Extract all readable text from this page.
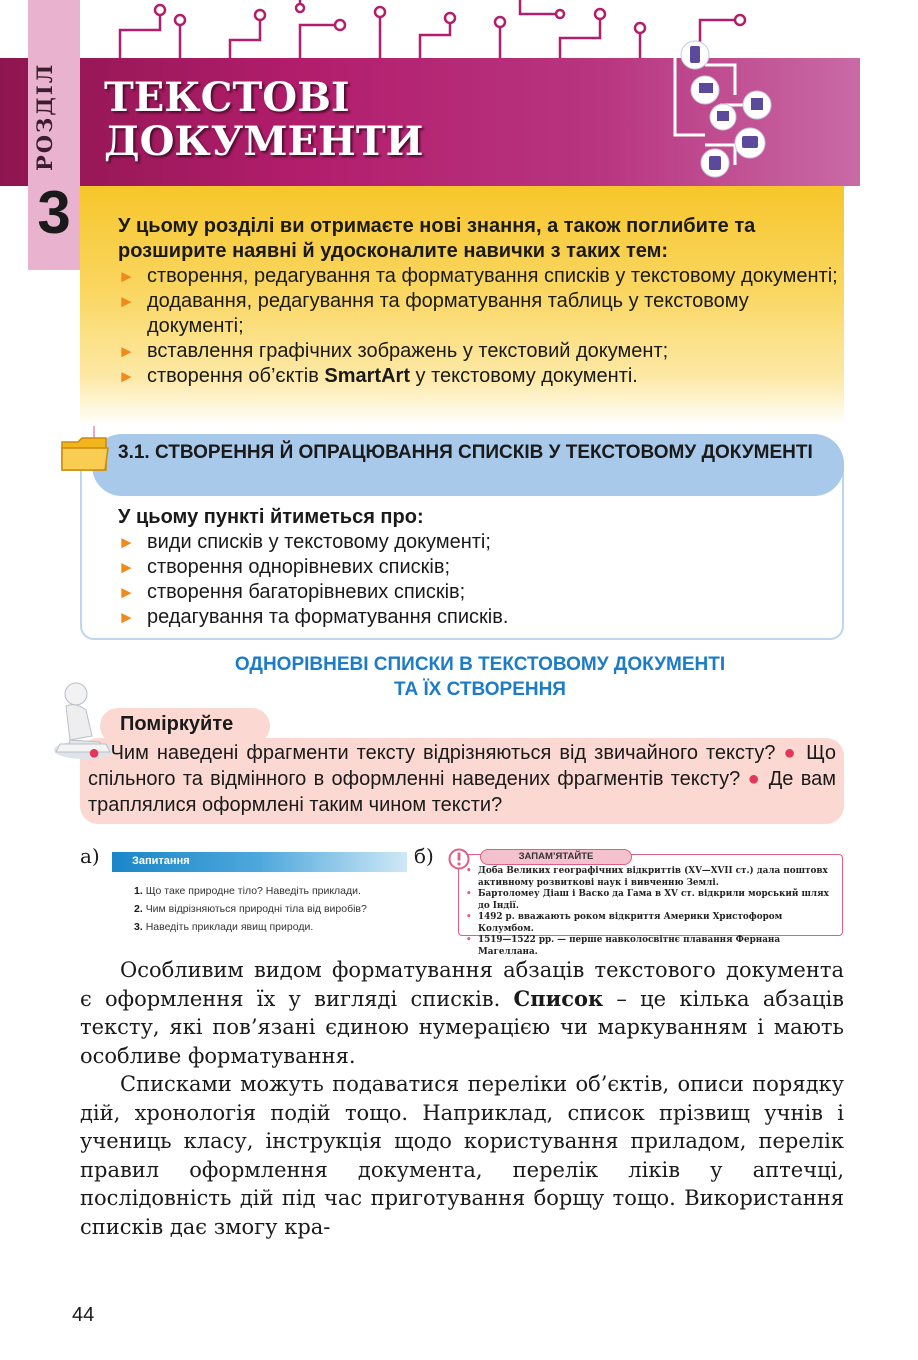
РОЗДІЛ
3
ТЕКСТОВІ
ДОКУМЕНТИ
У цьому розділі ви отримаєте нові знання, а також поглибите та розширите наявні й удосконалите навички з таких тем:
► створення, редагування та форматування списків у текстовому документі;
► додавання, редагування та форматування таблиць у текстовому документі;
► вставлення графічних зображень у текстовий документ;
► створення об’єктів SmartArt у текстовому документі.
3.1. СТВОРЕННЯ Й ОПРАЦЮВАННЯ СПИСКІВ У ТЕКСТОВОМУ ДОКУМЕНТІ
У цьому пункті йтиметься про:
► види списків у текстовому документі;
► створення однорівневих списків;
► створення багаторівневих списків;
► редагування та форматування списків.
ОДНОРІВНЕВІ СПИСКИ В ТЕКСТОВОМУ ДОКУМЕНТІ
ТА ЇХ СТВОРЕННЯ
Поміркуйте
● Чим наведені фрагменти тексту відрізняються від звичайного тексту? ● Що спільного та відмінного в оформленні наведених фрагментів тексту? ● Де вам траплялися оформлені таким чином тексти?
а)	Запитання
1. Що таке природне тіло? Наведіть приклади.
2. Чим відрізняються природні тіла від виробів?
3. Наведіть приклади явищ природи.
б)	ЗАПАМ’ЯТАЙТЕ
• Доба Великих географічних відкриттів (XV—XVII ст.) дала поштовх активному розвиткові наук і вивченню Землі.
• Бартоломеу Діаш і Васко да Гама в XV ст. відкрили морський шлях до Індії.
• 1492 р. вважають роком відкриття Америки Христофором Колумбом.
• 1519—1522 рр. — перше навколосвітнє плавання Фернана Магеллана.

Особливим видом форматування абзаців текстового документа є оформлення їх у вигляді списків. Список – це кілька абзаців тексту, які пов’язані єдиною нумерацією чи маркуванням і мають особливе форматування.

Списками можуть подаватися переліки об’єктів, описи порядку дій, хронологія подій тощо. Наприклад, список прізвищ учнів і учениць класу, інструкція щодо користування приладом, перелік правил оформлення документа, перелік ліків у аптечці, послідовність дій під час приготування борщу тощо. Використання списків дає змогу кра-

44
